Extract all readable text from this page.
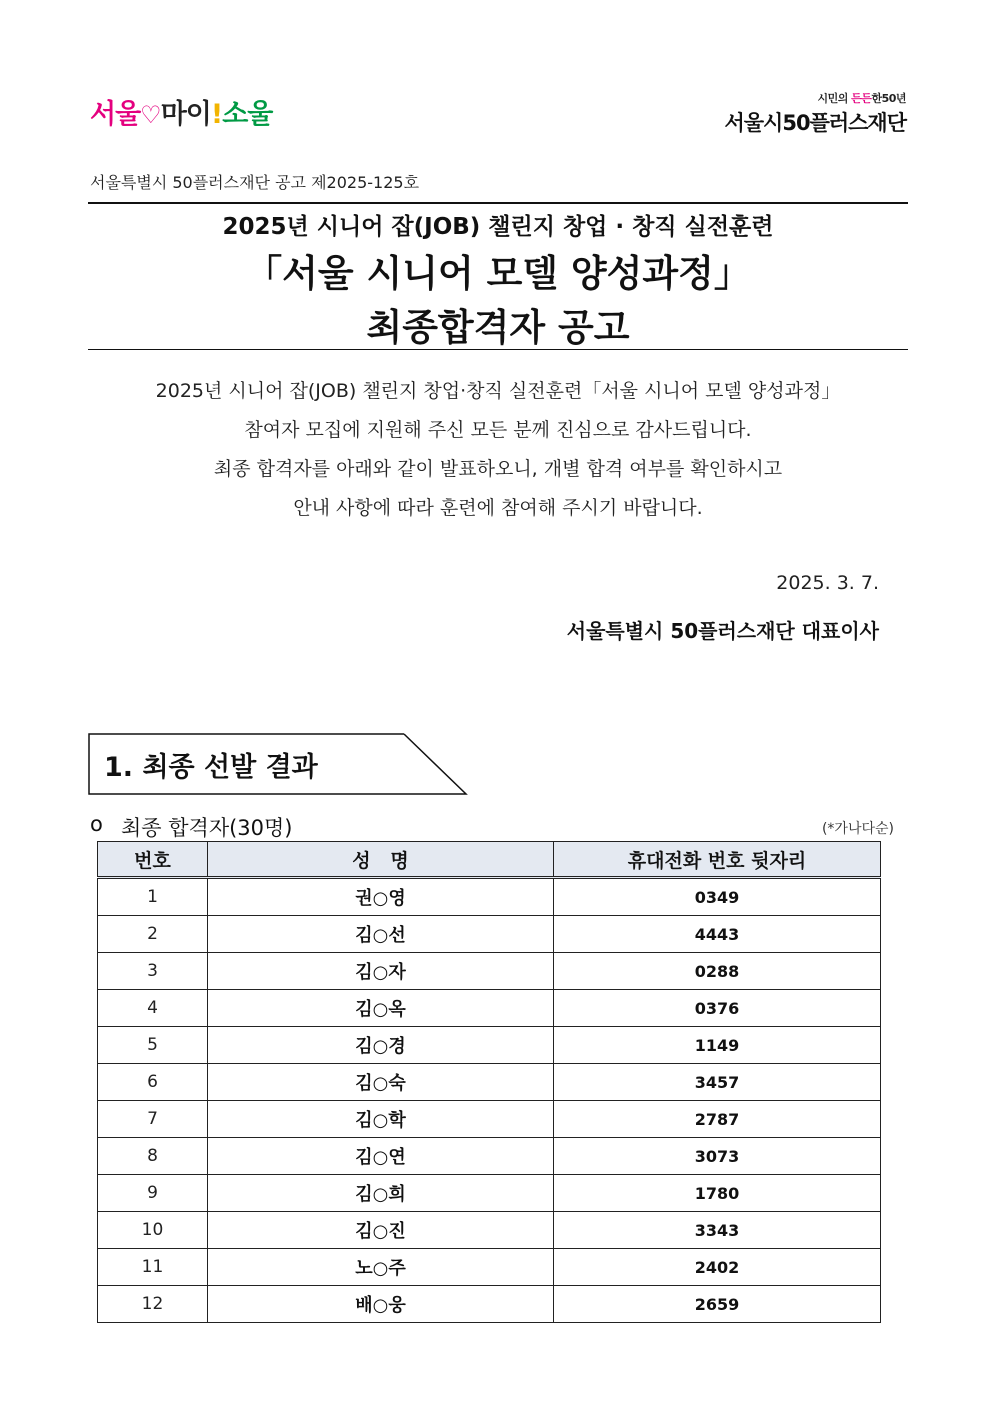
서울♡마이!소울
시민의 든든한50년
서울시50플러스재단
서울특별시 50플러스재단 공고 제2025-125호
2025년 시니어 잡(JOB) 챌린지 창업 · 창직 실전훈련
「서울 시니어 모델 양성과정」
최종합격자 공고
2025년 시니어 잡(JOB) 챌린지 창업·창직 실전훈련「서울 시니어 모델 양성과정」
참여자 모집에 지원해 주신 모든 분께 진심으로 감사드립니다.
최종 합격자를 아래와 같이 발표하오니, 개별 합격 여부를 확인하시고
안내 사항에 따라 훈련에 참여해 주시기 바랍니다.
2025. 3. 7.
서울특별시 50플러스재단 대표이사
1. 최종 선발 결과
o 최종 합격자(30명)	(*가나다순)
번호	성   명	휴대전화 번호 뒷자리
1	권○영	0349
2	김○선	4443
3	김○자	0288
4	김○옥	0376
5	김○경	1149
6	김○숙	3457
7	김○학	2787
8	김○연	3073
9	김○희	1780
10	김○진	3343
11	노○주	2402
12	배○웅	2659
